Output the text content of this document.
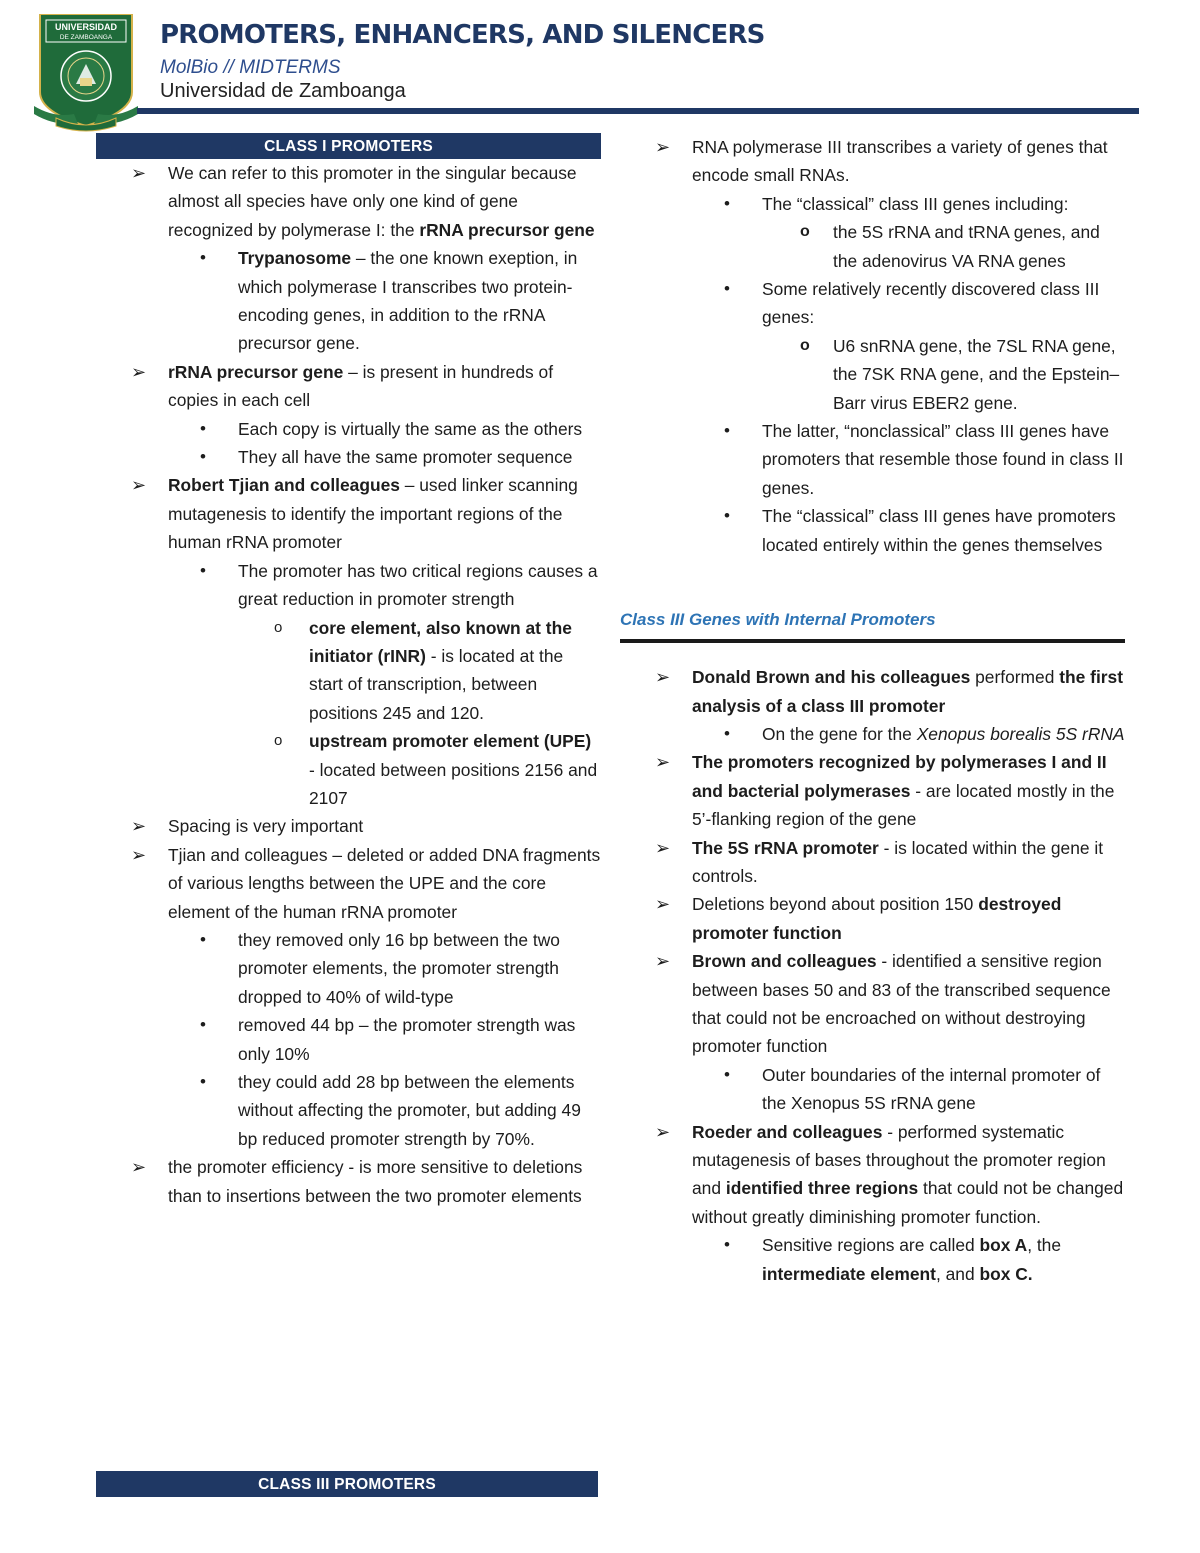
UNIVERSIDAD
DE ZAMBOANGA PROMOTERS, ENHANCERS, AND SILENCERS
MolBio // MIDTERMS
Universidad de Zamboanga
CLASS I PROMOTERS
➢ We can refer to this promoter in the singular because almost all species have only one kind of gene recognized by polymerase I: the rRNA precursor gene
• Trypanosome – the one known exeption, in which polymerase I transcribes two protein-encoding genes, in addition to the rRNA precursor gene.
➢ rRNA precursor gene – is present in hundreds of copies in each cell
• Each copy is virtually the same as the others
• They all have the same promoter sequence
➢ Robert Tjian and colleagues – used linker scanning mutagenesis to identify the important regions of the human rRNA promoter
• The promoter has two critical regions causes a great reduction in promoter strength
o core element, also known at the initiator (rINR) - is located at the start of transcription, between positions 245 and 120.
o upstream promoter element (UPE) - located between positions 2156 and 2107
➢ Spacing is very important
➢ Tjian and colleagues – deleted or added DNA fragments of various lengths between the UPE and the core element of the human rRNA promoter
• they removed only 16 bp between the two promoter elements, the promoter strength dropped to 40% of wild-type
• removed 44 bp – the promoter strength was only 10%
• they could add 28 bp between the elements without affecting the promoter, but adding 49 bp reduced promoter strength by 70%.
➢ the promoter efficiency - is more sensitive to deletions than to insertions between the two promoter elements
CLASS III PROMOTERS
➢ RNA polymerase III transcribes a variety of genes that encode small RNAs.
• The “classical” class III genes including:
o the 5S rRNA and tRNA genes, and the adenovirus VA RNA genes
• Some relatively recently discovered class III genes:
o U6 snRNA gene, the 7SL RNA gene, the 7SK RNA gene, and the Epstein–Barr virus EBER2 gene.
• The latter, “nonclassical” class III genes have promoters that resemble those found in class II genes.
• The “classical” class III genes have promoters located entirely within the genes themselves
Class III Genes with Internal Promoters
➢ Donald Brown and his colleagues performed the first analysis of a class III promoter
• On the gene for the Xenopus borealis 5S rRNA
➢ The promoters recognized by polymerases I and II and bacterial polymerases - are located mostly in the 5’-flanking region of the gene
➢ The 5S rRNA promoter - is located within the gene it controls.
➢ Deletions beyond about position 150 destroyed promoter function
➢ Brown and colleagues - identified a sensitive region between bases 50 and 83 of the transcribed sequence that could not be encroached on without destroying promoter function
• Outer boundaries of the internal promoter of the Xenopus 5S rRNA gene
➢ Roeder and colleagues - performed systematic mutagenesis of bases throughout the promoter region and identified three regions that could not be changed without greatly diminishing promoter function.
• Sensitive regions are called box A, the intermediate element, and box C.
